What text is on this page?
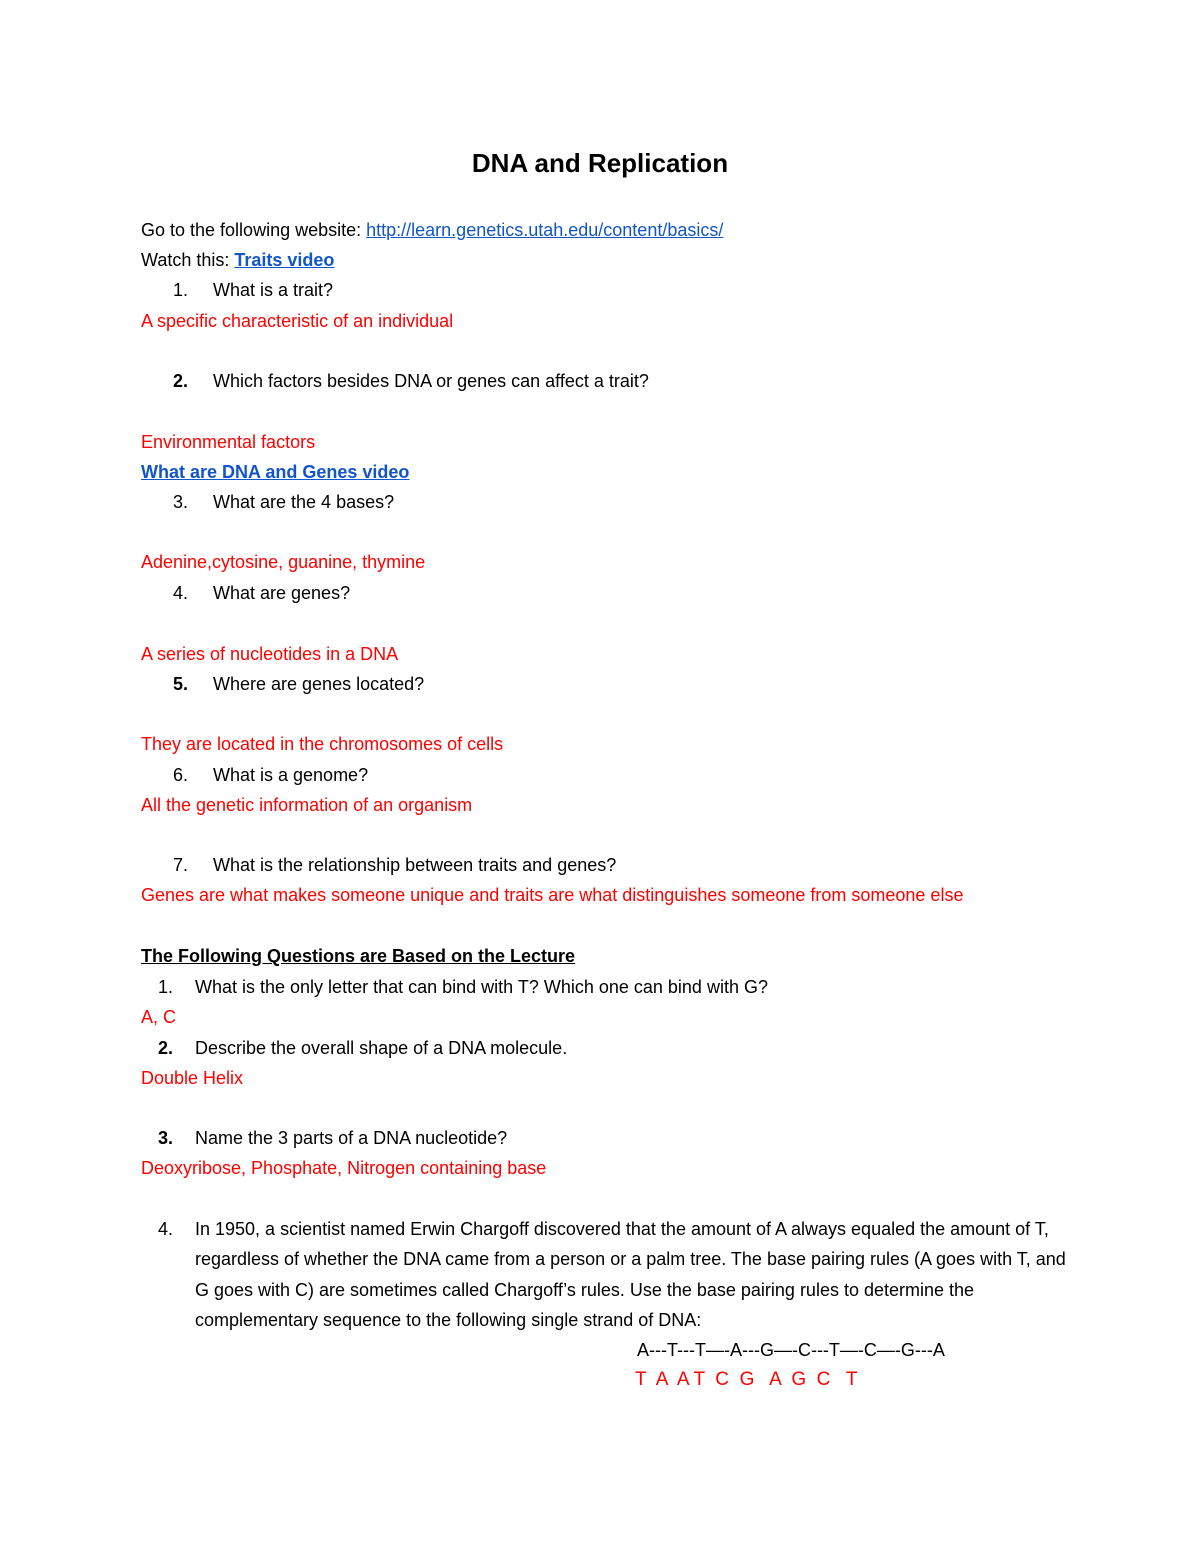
DNA and Replication
Go to the following website: http://learn.genetics.utah.edu/content/basics/
Watch this: Traits video
1. What is a trait?
A specific characteristic of an individual
2. Which factors besides DNA or genes can affect a trait?
Environmental factors
What are DNA and Genes video
3. What are the 4 bases?
Adenine,cytosine, guanine, thymine
4. What are genes?
A series of nucleotides in a DNA
5. Where are genes located?
They are located in the chromosomes of cells
6. What is a genome?
All the genetic information of an organism
7. What is the relationship between traits and genes?
Genes are what makes someone unique and traits are what distinguishes someone from someone else
The Following Questions are Based on the Lecture
1. What is the only letter that can bind with T? Which one can bind with G?
A, C
2. Describe the overall shape of a DNA molecule.
Double Helix
3. Name the 3 parts of a DNA nucleotide?
Deoxyribose, Phosphate, Nitrogen containing base
4. In 1950, a scientist named Erwin Chargoff discovered that the amount of A always equaled the amount of T, regardless of whether the DNA came from a person or a palm tree. The base pairing rules (A goes with T, and G goes with C) are sometimes called Chargoff’s rules. Use the base pairing rules to determine the complementary sequence to the following single strand of DNA:
A---T---T—-A---G—-C---T—-C—-G---A
T  A  A T  C  G   A  G  C   T
